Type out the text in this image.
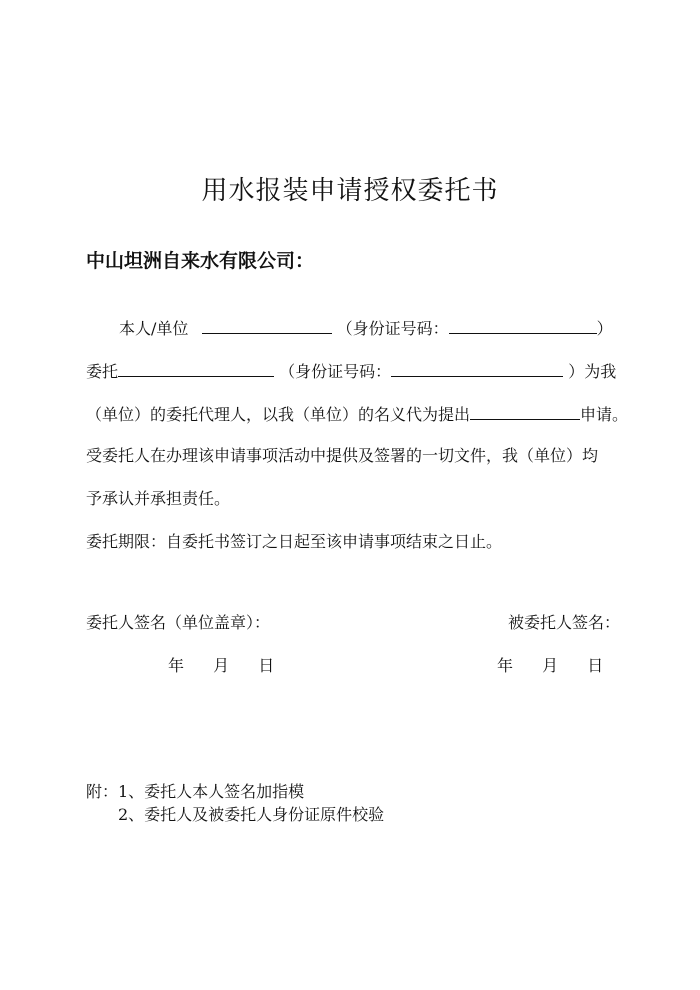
用水报装申请授权委托书
中山坦洲自来水有限公司：
本人/单位	（身份证号码：	）
委托	（身份证号码：	）为我
（单位）的委托代理人，以我（单位）的名义代为提出	申请。
受委托人在办理该申请事项活动中提供及签署的一切文件，我（单位）均
予承认并承担责任。
委托期限：自委托书签订之日起至该申请事项结束之日止。
委托人签名（单位盖章）：	被委托人签名：
年 月 日	年 月 日
附：1、委托人本人签名加指模
2、委托人及被委托人身份证原件校验
